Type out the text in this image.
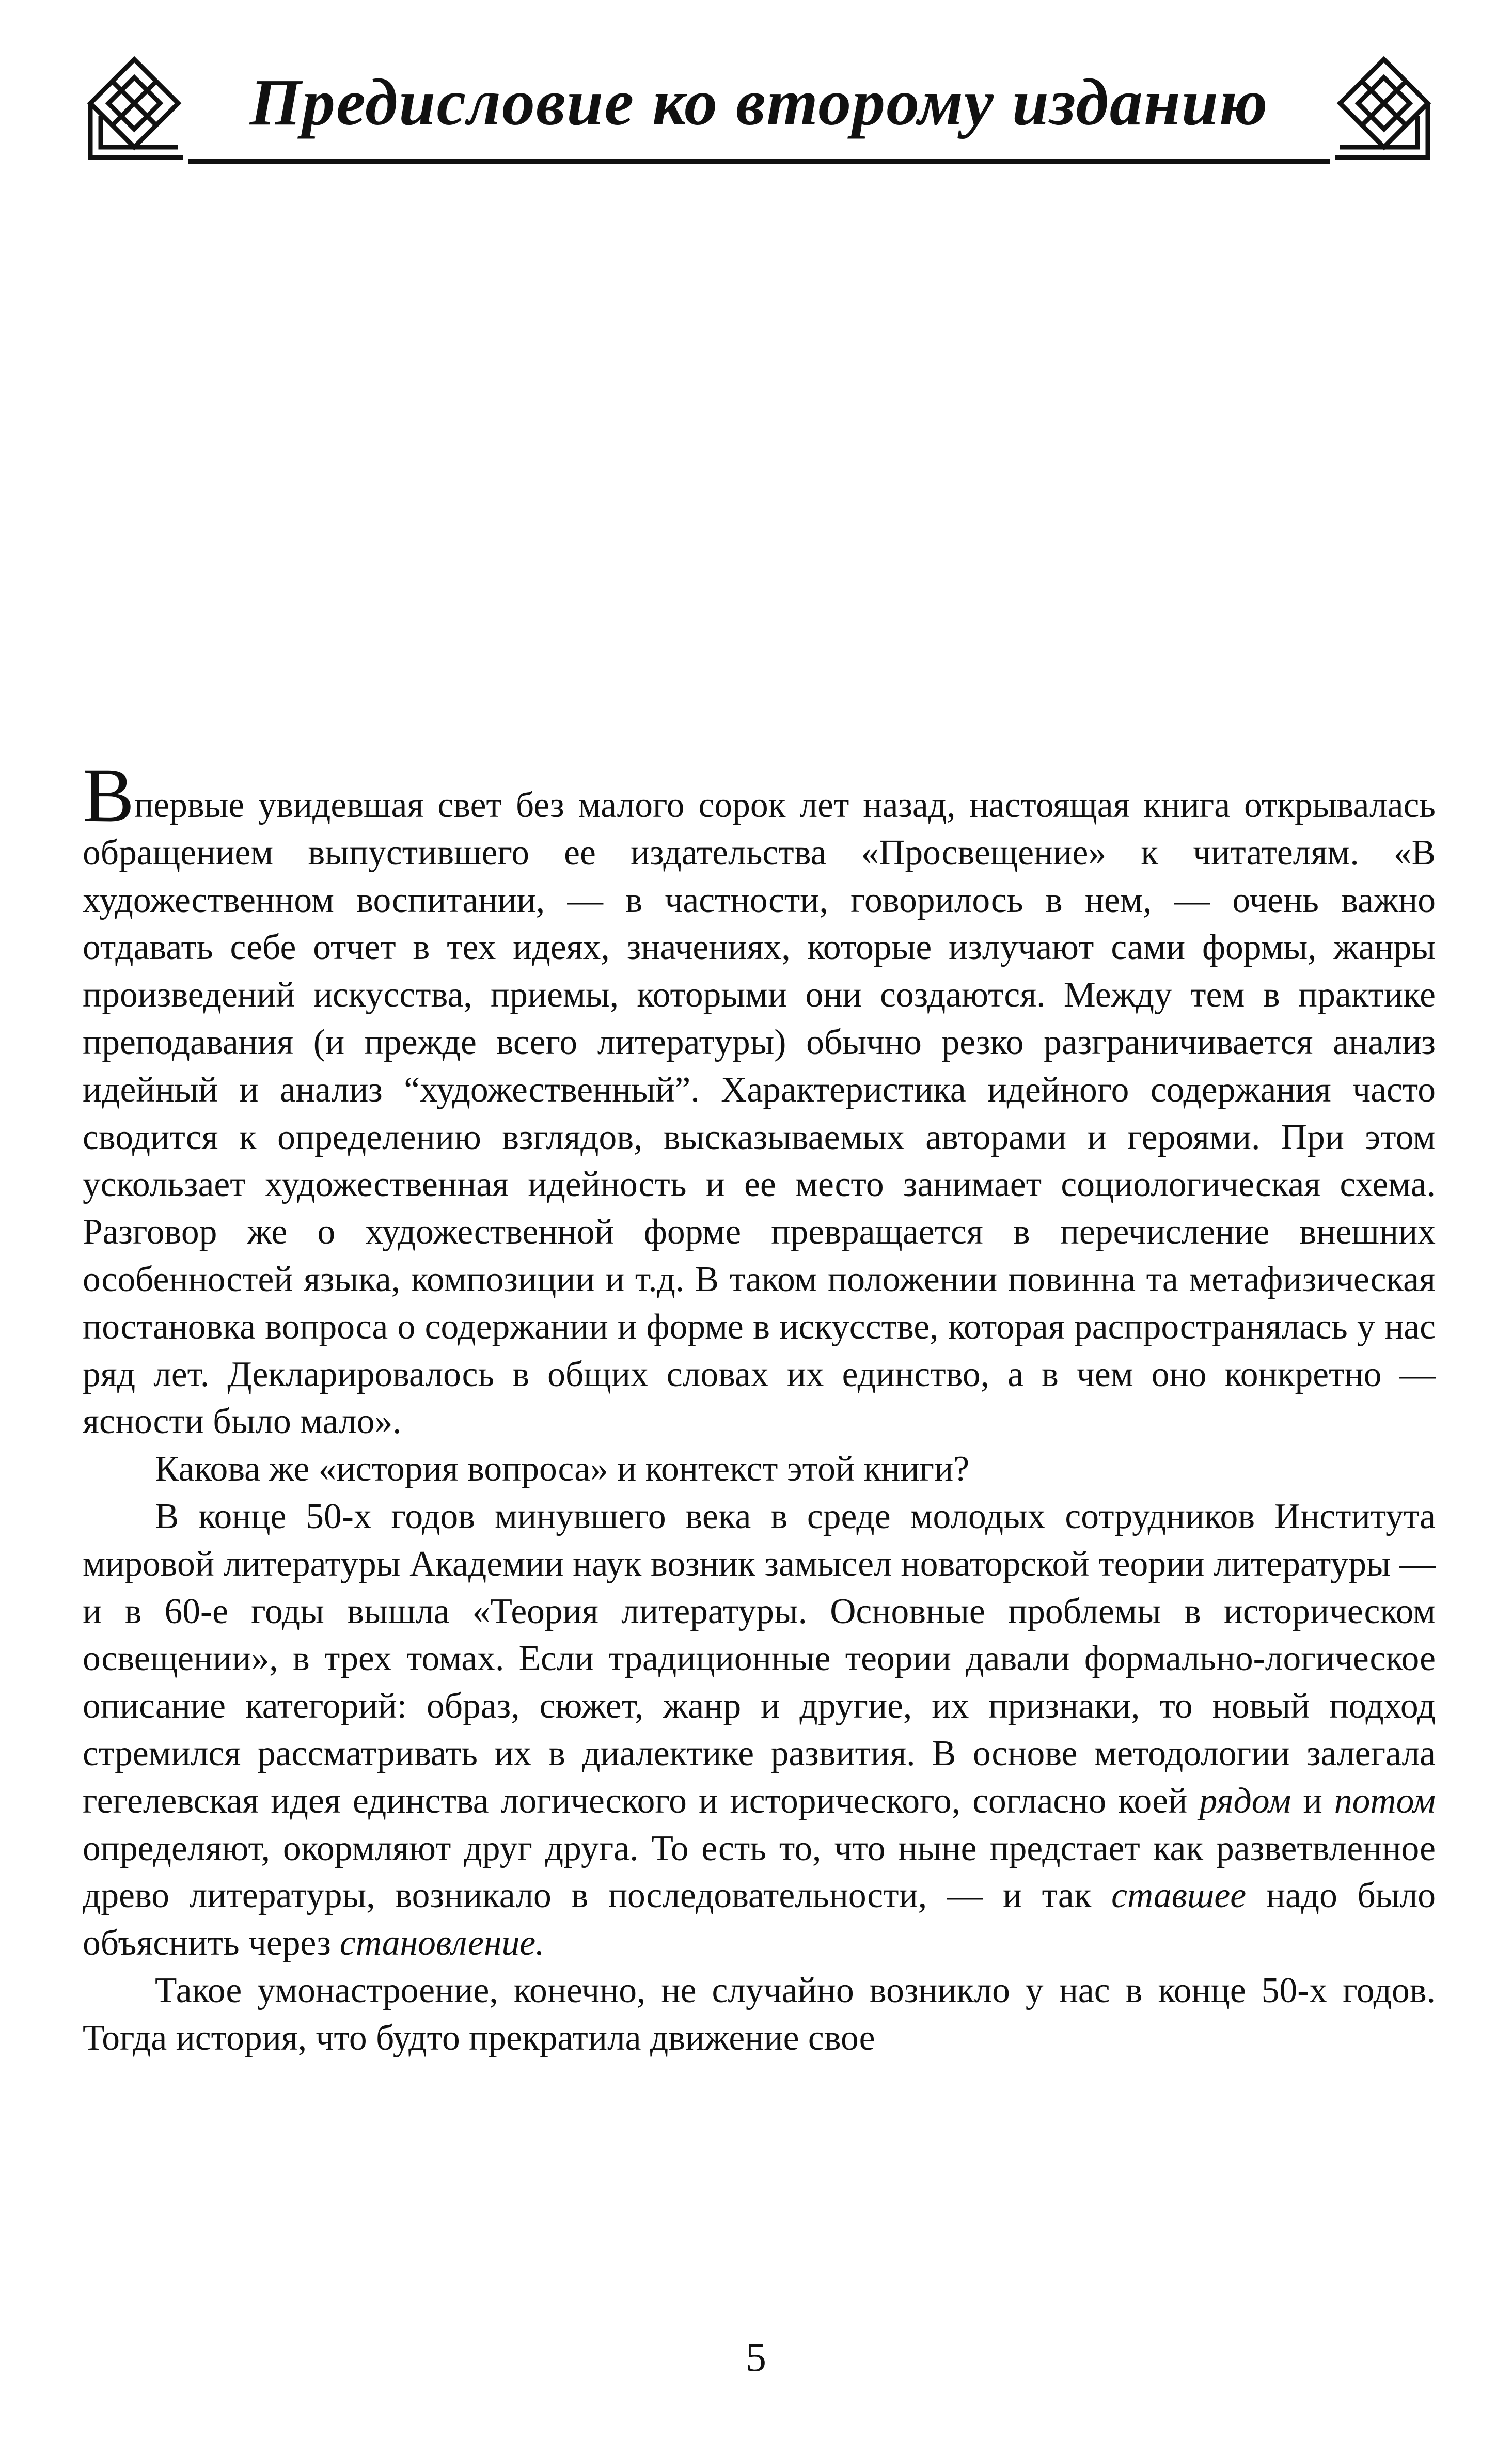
Предисловие ко второму изданию

Впервые увидевшая свет без малого сорок лет назад, настоящая книга открывалась обращением выпустившего ее издательства «Просвещение» к читателям. «В художественном воспитании, — в частности, говорилось в нем, — очень важно отдавать себе отчет в тех идеях, значениях, которые излучают сами формы, жанры произведений искусства, приемы, которыми они создаются. Между тем в практике преподавания (и прежде всего литературы) обычно резко разграничивается анализ идейный и анализ “художественный”. Характеристика идейного содержания часто сводится к определению взглядов, высказываемых авторами и героями. При этом ускользает художественная идейность и ее место занимает социологическая схема. Разговор же о художественной форме превращается в перечисление внешних особенностей языка, композиции и т.д. В таком положении повинна та метафизическая постановка вопроса о содержании и форме в искусстве, которая распространялась у нас ряд лет. Декларировалось в общих словах их единство, а в чем оно конкретно — ясности было мало».

Какова же «история вопроса» и контекст этой книги?

В конце 50-х годов минувшего века в среде молодых сотрудников Института мировой литературы Академии наук возник замысел новаторской теории литературы — и в 60-е годы вышла «Теория литературы. Основные проблемы в историческом освещении», в трех томах. Если традиционные теории давали формально-логическое описание категорий: образ, сюжет, жанр и другие, их признаки, то новый подход стремился рассматривать их в диалектике развития. В основе методологии залегала гегелевская идея единства логического и исторического, согласно коей рядом и потом определяют, окормляют друг друга. То есть то, что ныне предстает как разветвленное древо литературы, возникало в последовательности, — и так ставшее надо было объяснить через становление.

Такое умонастроение, конечно, не случайно возникло у нас в конце 50-х годов. Тогда история, что будто прекратила движение свое

5
